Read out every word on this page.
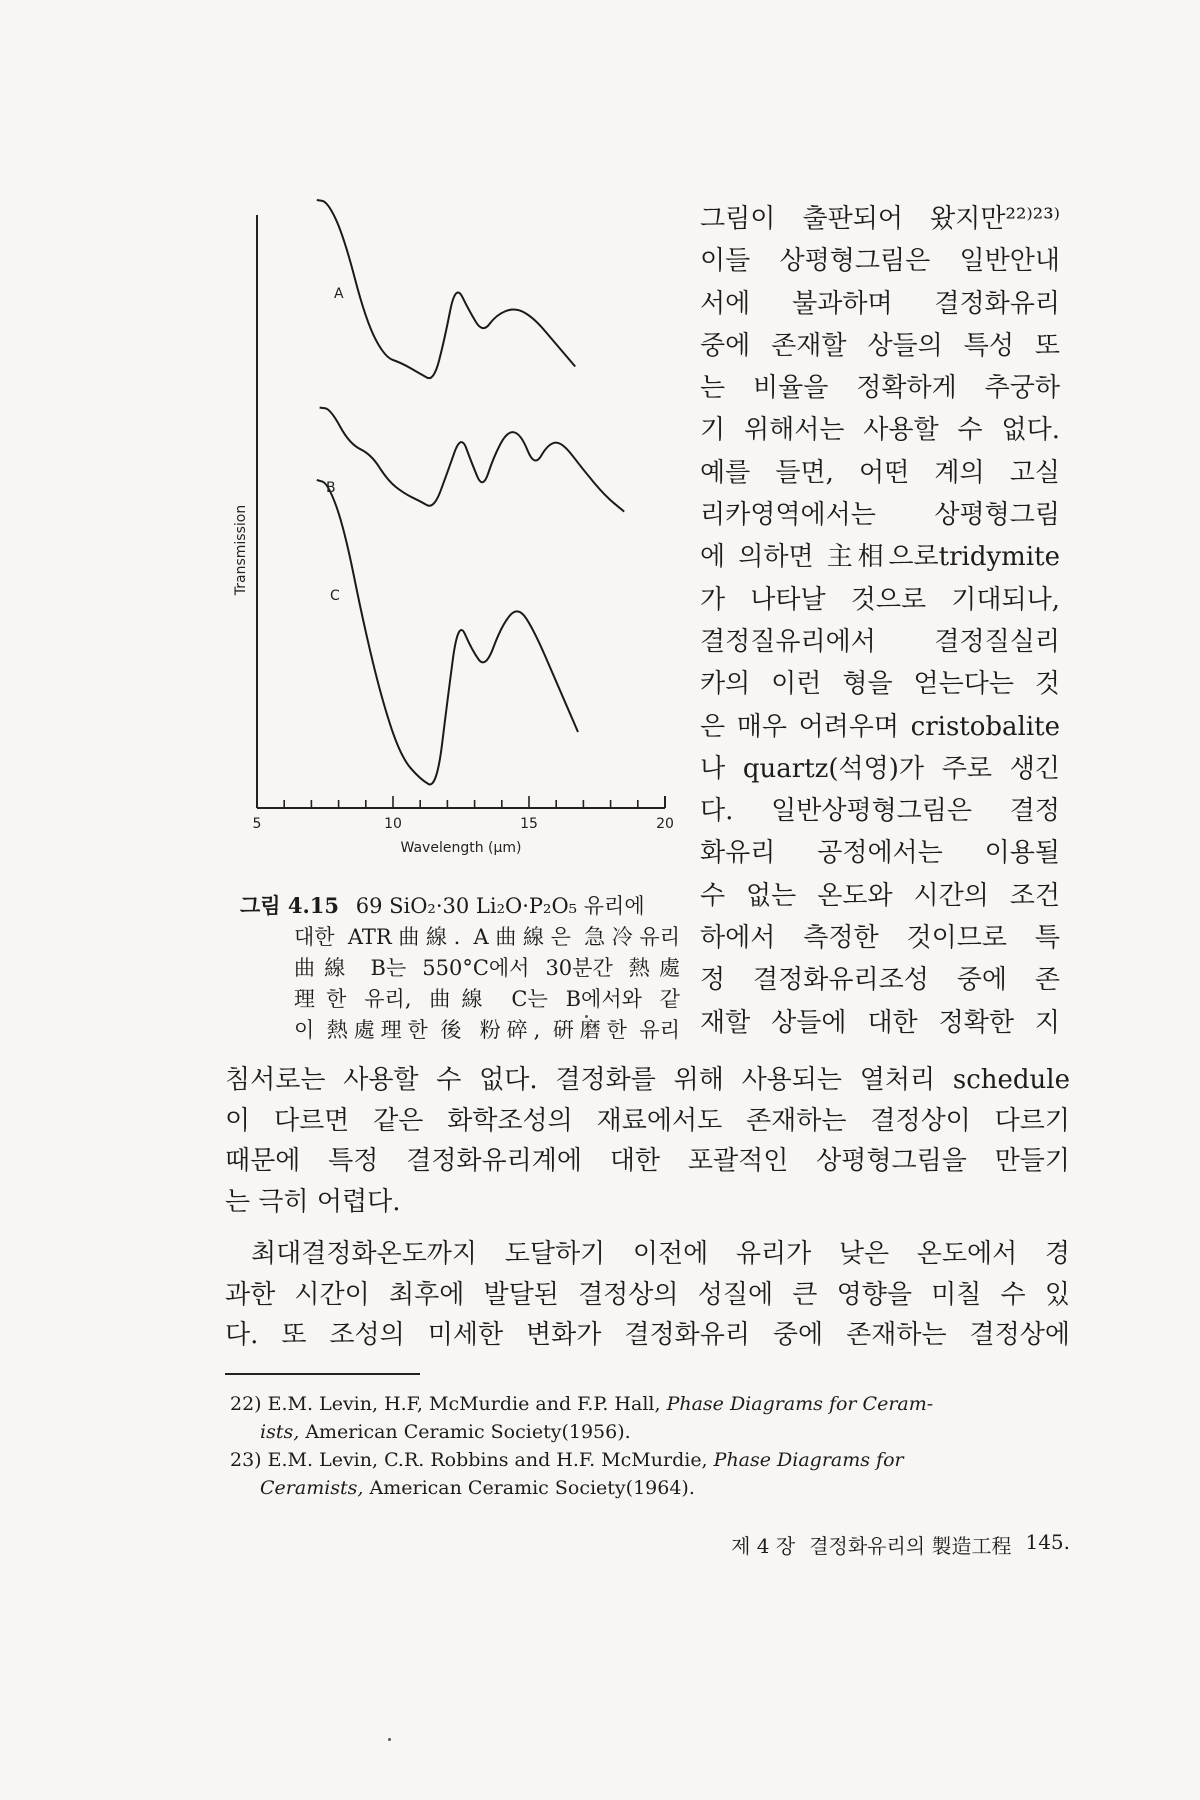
Transmission
Wavelength (μm)
5	10	15	20
A
B
C
그림이 출판되어 왔지만²²⁾²³⁾
이들 상평형그림은 일반안내
서에 불과하며 결정화유리
중에 존재할 상들의 특성 또
는 비율을 정확하게 추궁하
기 위해서는 사용할 수 없다.
예를 들면, 어떤 계의 고실
리카영역에서는 상평형그림
에 의하면 主相으로tridymite
가 나타날 것으로 기대되나,
결정질유리에서 결정질실리
카의 이런 형을 얻는다는 것
은 매우 어려우며 cristobalite
나 quartz(석영)가 주로 생긴
다. 일반상평형그림은 결정
화유리 공정에서는 이용될
수 없는 온도와 시간의 조건
하에서 측정한 것이므로 특
정 결정화유리조성 중에 존
재할 상들에 대한 정확한 지
그림 4.15 69 SiO₂·30 Li₂O·P₂O₅ 유리에
대한 ATR曲線. A曲線은 急冷유리
曲線 B는 550°C에서 30분간 熱處
理한 유리, 曲線 C는 B에서와 같
이 熱處理한 後 粉碎, 硏磨한 유리
침서로는 사용할 수 없다. 결정화를 위해 사용되는 열처리 schedule
이 다르면 같은 화학조성의 재료에서도 존재하는 결정상이 다르기
때문에 특정 결정화유리계에 대한 포괄적인 상평형그림을 만들기
는 극히 어렵다.
최대결정화온도까지 도달하기 이전에 유리가 낮은 온도에서 경
과한 시간이 최후에 발달된 결정상의 성질에 큰 영향을 미칠 수 있
다. 또 조성의 미세한 변화가 결정화유리 중에 존재하는 결정상에
22) E.M. Levin, H.F, McMurdie and F.P. Hall, Phase Diagrams for Ceram-
ists, American Ceramic Society(1956).
23) E.M. Levin, C.R. Robbins and H.F. McMurdie, Phase Diagrams for
Ceramists, American Ceramic Society(1964).
제 4 장 결정화유리의 製造工程 145.
